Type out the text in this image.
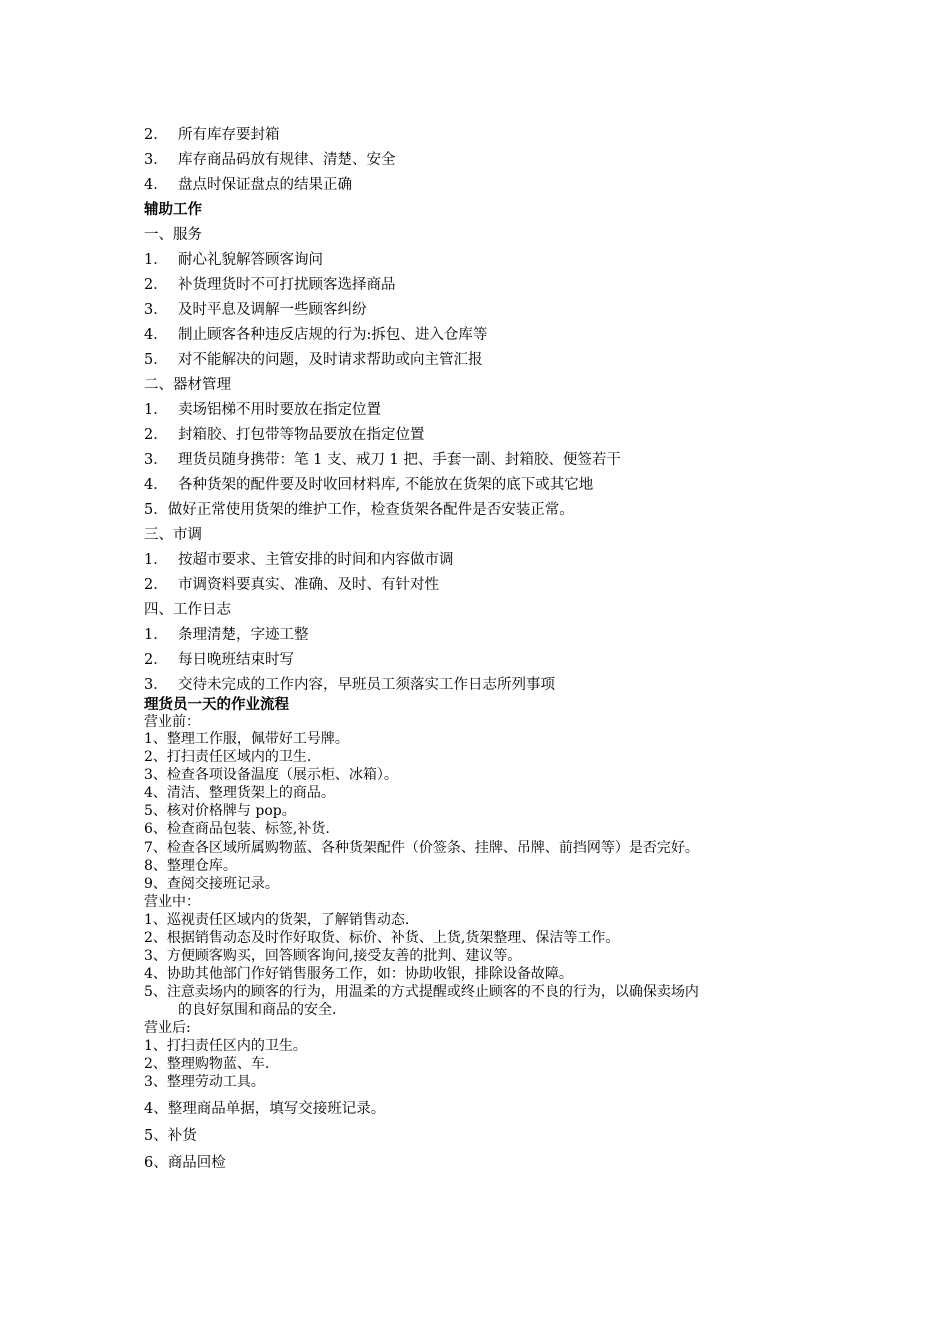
2． 所有库存要封箱
3． 库存商品码放有规律、清楚、安全
4． 盘点时保证盘点的结果正确
辅助工作
一、服务
1． 耐心礼貌解答顾客询问
2． 补货理货时不可打扰顾客选择商品
3． 及时平息及调解一些顾客纠纷
4． 制止顾客各种违反店规的行为:拆包、进入仓库等
5． 对不能解决的问题，及时请求帮助或向主管汇报
二、器材管理
1． 卖场铝梯不用时要放在指定位置
2． 封箱胶、打包带等物品要放在指定位置
3． 理货员随身携带：笔 1 支、戒刀 1 把、手套一副、封箱胶、便签若干
4． 各种货架的配件要及时收回材料库, 不能放在货架的底下或其它地
5．做好正常使用货架的维护工作，检查货架各配件是否安装正常。
三、市调
1． 按超市要求、主管安排的时间和内容做市调
2． 市调资料要真实、准确、及时、有针对性
四、工作日志
1． 条理清楚，字迹工整
2． 每日晚班结束时写
3． 交待未完成的工作内容，早班员工须落实工作日志所列事项
理货员一天的作业流程
营业前：
1、整理工作服，佩带好工号牌。
2、打扫责任区域内的卫生.
3、检查各项设备温度（展示柜、冰箱）。
4、清洁、整理货架上的商品。
5、核对价格牌与 pop。
6、检查商品包装、标签,补货.
7、检查各区域所属购物蓝、各种货架配件（价签条、挂牌、吊牌、前挡网等）是否完好。
8、整理仓库。
9、查阅交接班记录。
营业中：
1、巡视责任区域内的货架，了解销售动态.
2、根据销售动态及时作好取货、标价、补货、上货,货架整理、保洁等工作。
3、方便顾客购买，回答顾客询问,接受友善的批判、建议等。
4、协助其他部门作好销售服务工作，如：协助收银，排除设备故障。
5、注意卖场内的顾客的行为，用温柔的方式提醒或终止顾客的不良的行为，以确保卖场内
的良好氛围和商品的安全.
营业后:
1、打扫责任区内的卫生。
2、整理购物蓝、车.
3、整理劳动工具。
4、整理商品单据，填写交接班记录。
5、补货
6、商品回检
